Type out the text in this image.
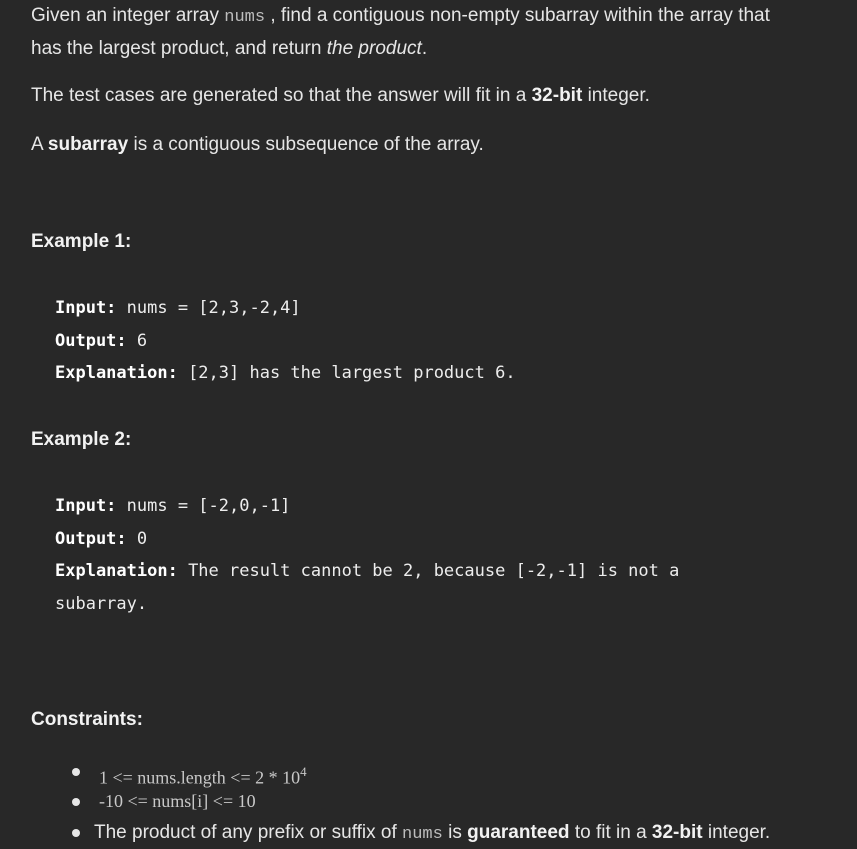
Given an integer array nums , find a contiguous non-empty subarray within the array that
has the largest product, and return the product.

The test cases are generated so that the answer will fit in a 32-bit integer.

A subarray is a contiguous subsequence of the array.

Example 1:
Input: nums = [2,3,-2,4]
Output: 6
Explanation: [2,3] has the largest product 6.
Example 2:
Input: nums = [-2,0,-1]
Output: 0
Explanation: The result cannot be 2, because [-2,-1] is not a
subarray.
Constraints:
1 <= nums.length <= $2 * 10^4$
-10 <= nums[i] <= 10
The product of any prefix or suffix of nums is guaranteed to fit in a 32-bit integer.
